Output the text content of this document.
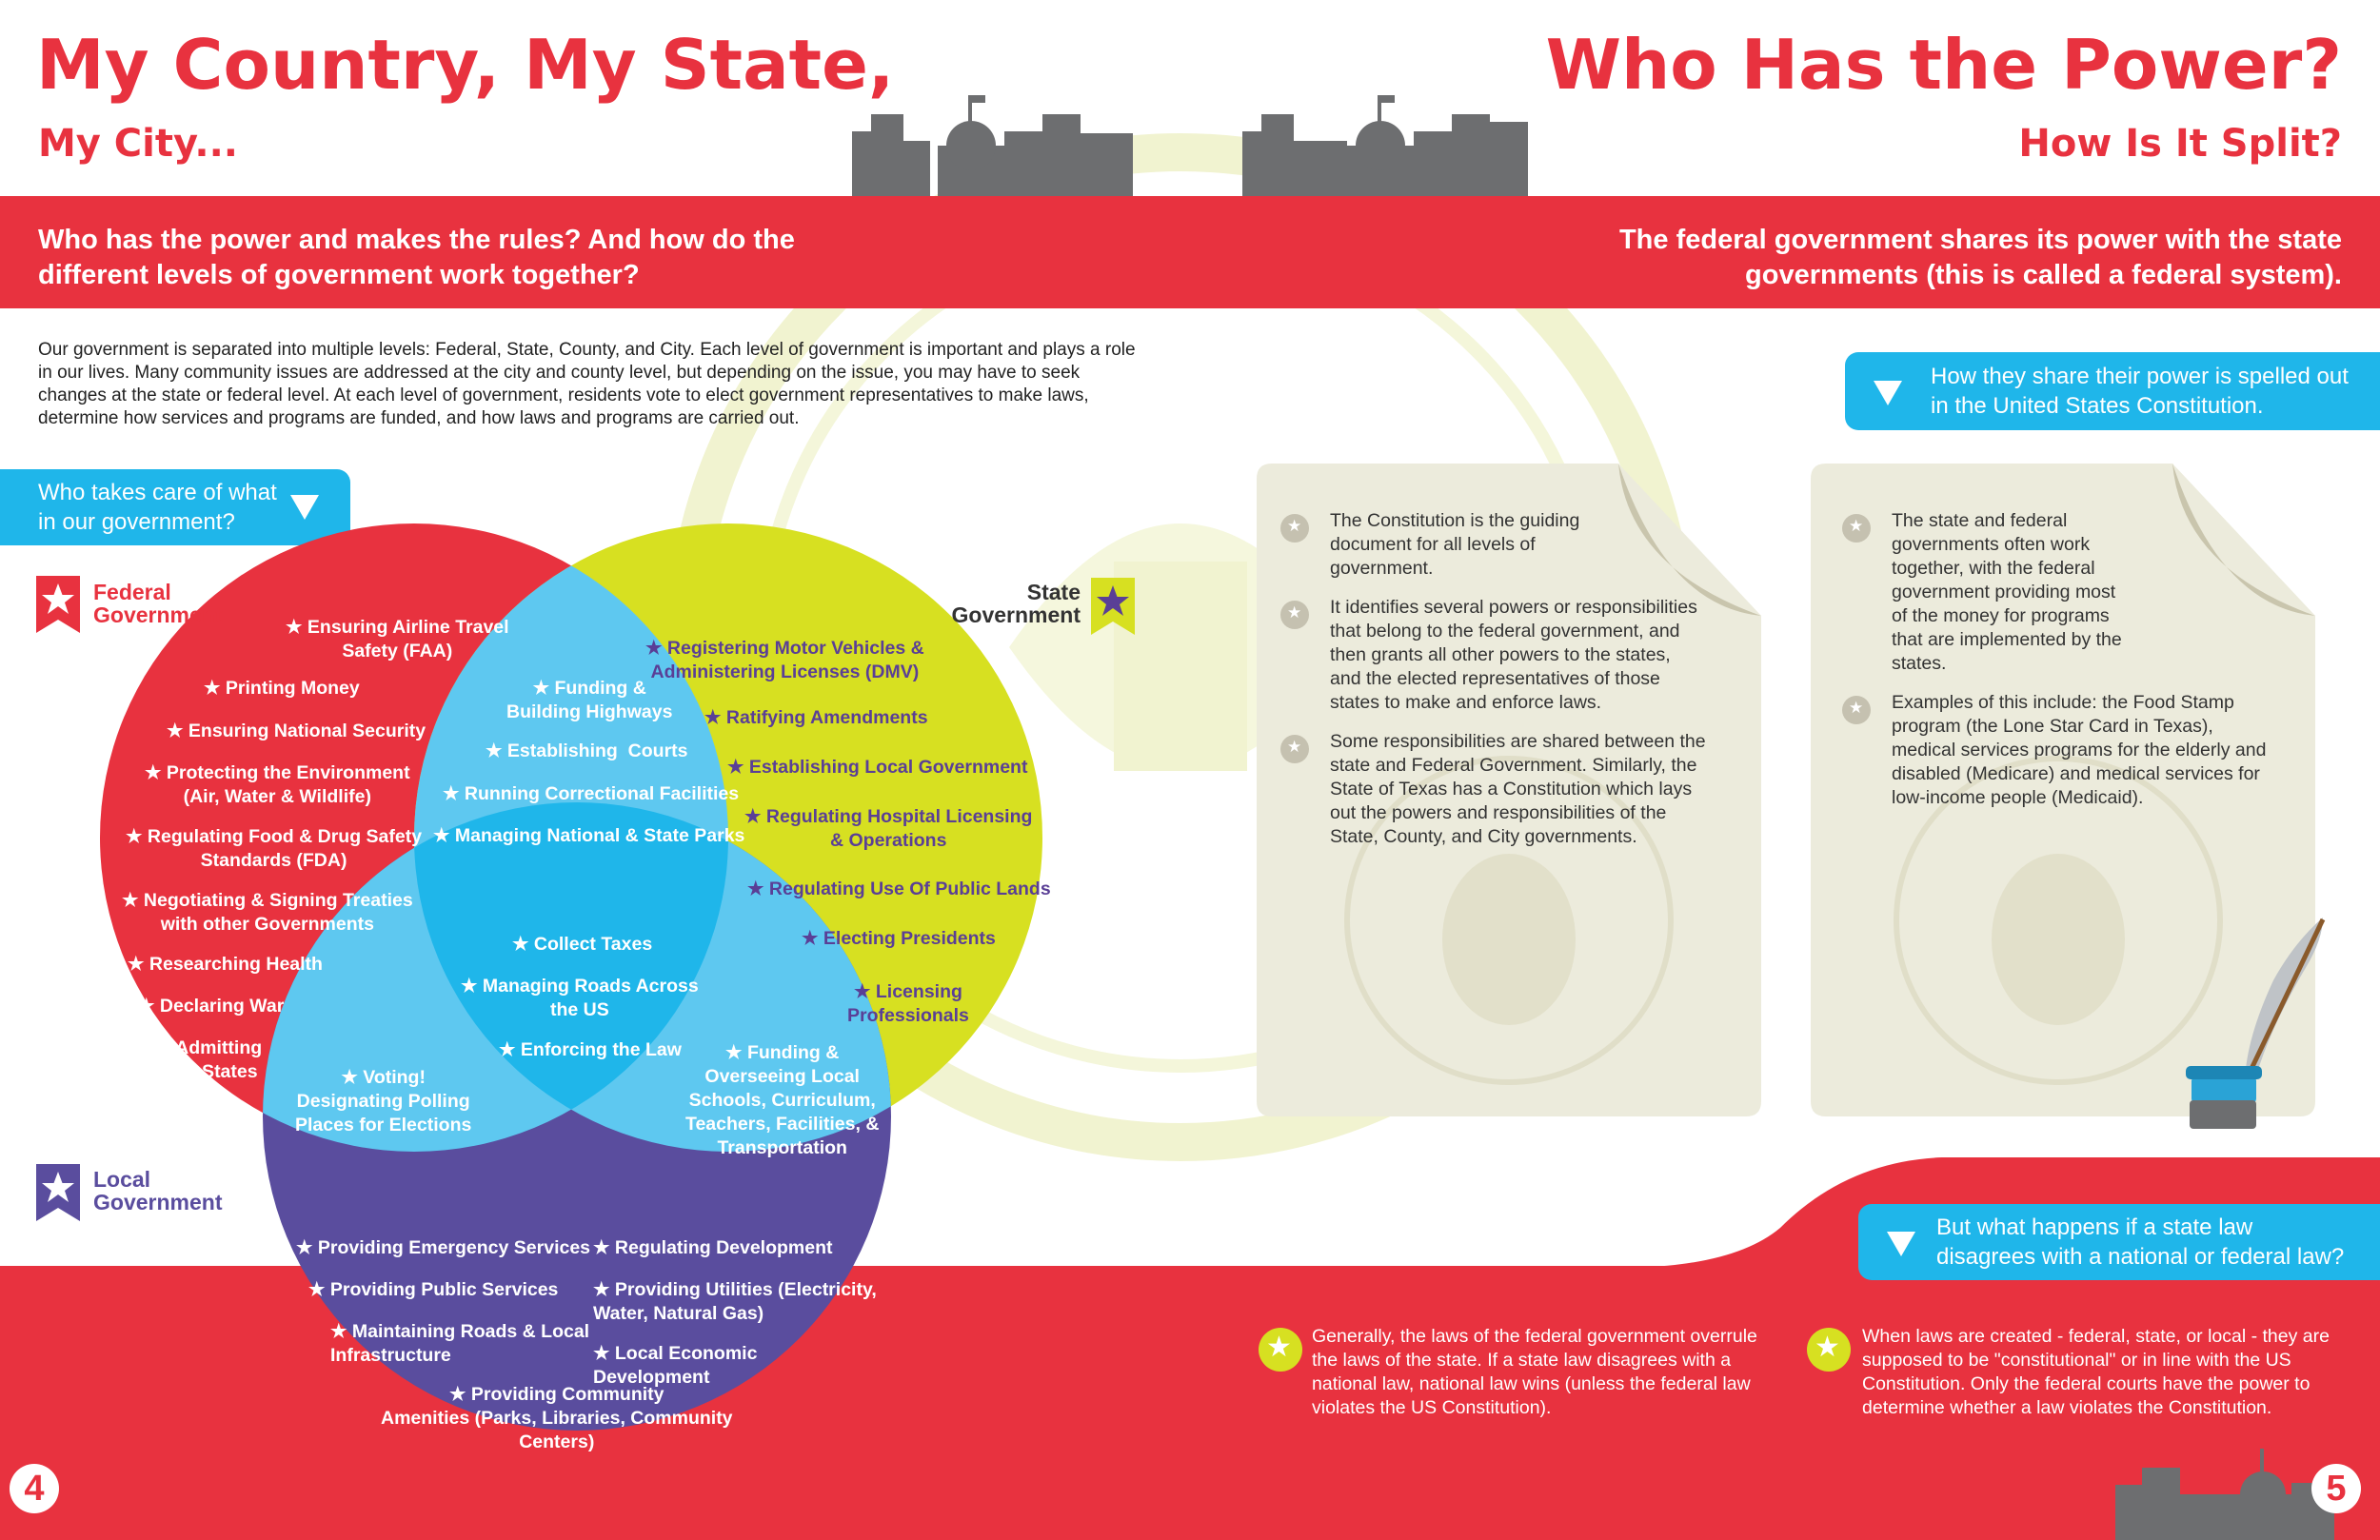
My Country, My State,
My City...
Who Has the Power?
How Is It Split?
Who has the power and makes the rules? And how do the different levels of government work together?
The federal government shares its power with the state governments (this is called a federal system).
Our government is separated into multiple levels: Federal, State, County, and City. Each level of government is important and plays a role in our lives. Many community issues are addressed at the city and county level, but depending on the issue, you may have to seek changes at the state or federal level. At each level of government, residents vote to elect government representatives to make laws, determine how services and programs are funded, and how laws and programs are carried out.
Who takes care of what in our government?
How they share their power is spelled out in the United States Constitution.
Federal Government
State Government
Local Government
★ Ensuring Airline Travel
Safety (FAA)
★ Printing Money
★ Ensuring National Security
★ Protecting the Environment
(Air, Water & Wildlife)
★ Regulating Food & Drug Safety
Standards (FDA)
★ Negotiating & Signing Treaties
with other Governments
★ Researching Health
★ Declaring War
★ Admitting
New States
★ Registering Motor Vehicles &
Administering Licenses (DMV)
★ Ratifying Amendments
★ Establishing Local Government
★ Regulating Hospital Licensing
& Operations
★ Regulating Use Of Public Lands
★ Electing Presidents
★ Licensing
Professionals
★ Funding &
Building Highways
★ Establishing  Courts
★ Running Correctional Facilities
★ Managing National & State Parks
★ Collect Taxes
★ Managing Roads Across
the US
★ Enforcing the Law
★ Voting!
Designating Polling
Places for Elections
★ Funding &
Overseeing Local
Schools, Curriculum,
Teachers, Facilities, &
Transportation
★ Providing Emergency Services
★ Providing Public Services
★ Maintaining Roads & Local
Infrastructure
★ Providing Community
Amenities (Parks, Libraries, Community
Centers)
★ Regulating Development
★ Providing Utilities (Electricity,
Water, Natural Gas)
★ Local Economic
Development
★ The Constitution is the guiding document for all levels of government.
★ It identifies several powers or responsibilities that belong to the federal government, and then grants all other powers to the states, and the elected representatives of those states to make and enforce laws.
★ Some responsibilities are shared between the state and Federal Government. Similarly, the State of Texas has a Constitution which lays out the powers and responsibilities of the State, County, and City governments.
★ The state and federal governments often work together, with the federal government providing most of the money for programs that are implemented by the states.
★ Examples of this include: the Food Stamp program (the Lone Star Card in Texas), medical services programs for the elderly and disabled (Medicare) and medical services for low-income people (Medicaid).
But what happens if a state law disagrees with a national or federal law?
★ Generally, the laws of the federal government overrule the laws of the state. If a state law disagrees with a national law, national law wins (unless the federal law violates the US Constitution).
★ When laws are created - federal, state, or local - they are supposed to be "constitutional" or in line with the US Constitution. Only the federal courts have the power to determine whether a law violates the Constitution.
4	5
